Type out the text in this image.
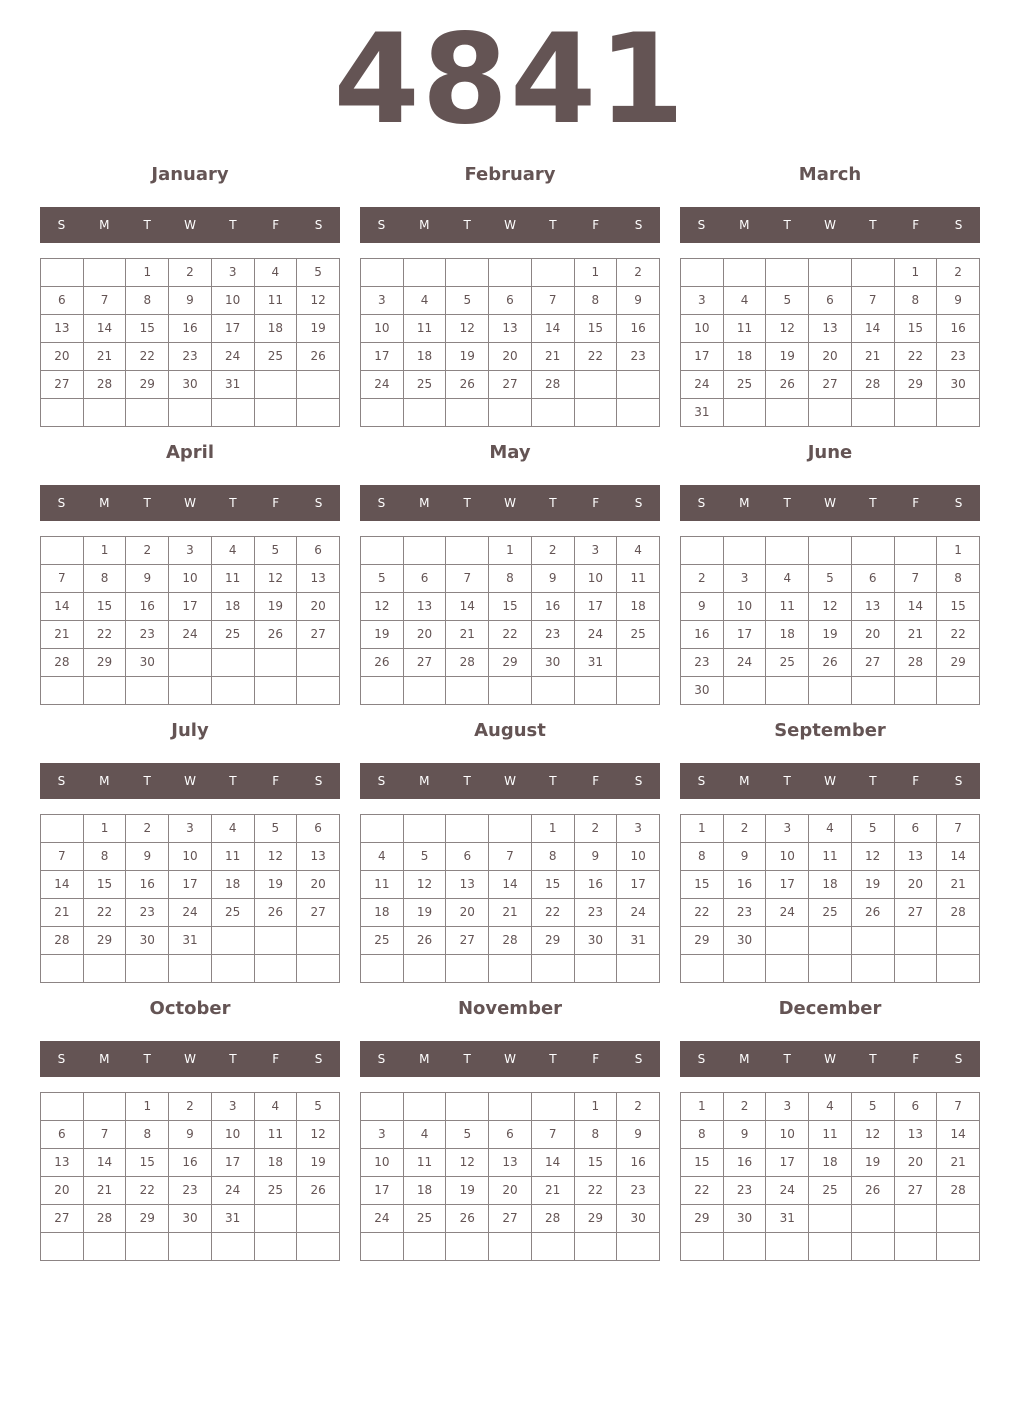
4841
January
S	M	T	W	T	F	S
		1	2	3	4	5
6	7	8	9	10	11	12
13	14	15	16	17	18	19
20	21	22	23	24	25	26
27	28	29	30	31		

February
S	M	T	W	T	F	S
					1	2
3	4	5	6	7	8	9
10	11	12	13	14	15	16
17	18	19	20	21	22	23
24	25	26	27	28		

March
S	M	T	W	T	F	S
					1	2
3	4	5	6	7	8	9
10	11	12	13	14	15	16
17	18	19	20	21	22	23
24	25	26	27	28	29	30
31						
April
S	M	T	W	T	F	S
	1	2	3	4	5	6
7	8	9	10	11	12	13
14	15	16	17	18	19	20
21	22	23	24	25	26	27
28	29	30				

May
S	M	T	W	T	F	S
			1	2	3	4
5	6	7	8	9	10	11
12	13	14	15	16	17	18
19	20	21	22	23	24	25
26	27	28	29	30	31	

June
S	M	T	W	T	F	S
						1
2	3	4	5	6	7	8
9	10	11	12	13	14	15
16	17	18	19	20	21	22
23	24	25	26	27	28	29
30						
July
S	M	T	W	T	F	S
	1	2	3	4	5	6
7	8	9	10	11	12	13
14	15	16	17	18	19	20
21	22	23	24	25	26	27
28	29	30	31			

August
S	M	T	W	T	F	S
				1	2	3
4	5	6	7	8	9	10
11	12	13	14	15	16	17
18	19	20	21	22	23	24
25	26	27	28	29	30	31

September
S	M	T	W	T	F	S
1	2	3	4	5	6	7
8	9	10	11	12	13	14
15	16	17	18	19	20	21
22	23	24	25	26	27	28
29	30					

October
S	M	T	W	T	F	S
		1	2	3	4	5
6	7	8	9	10	11	12
13	14	15	16	17	18	19
20	21	22	23	24	25	26
27	28	29	30	31		

November
S	M	T	W	T	F	S
					1	2
3	4	5	6	7	8	9
10	11	12	13	14	15	16
17	18	19	20	21	22	23
24	25	26	27	28	29	30

December
S	M	T	W	T	F	S
1	2	3	4	5	6	7
8	9	10	11	12	13	14
15	16	17	18	19	20	21
22	23	24	25	26	27	28
29	30	31				
